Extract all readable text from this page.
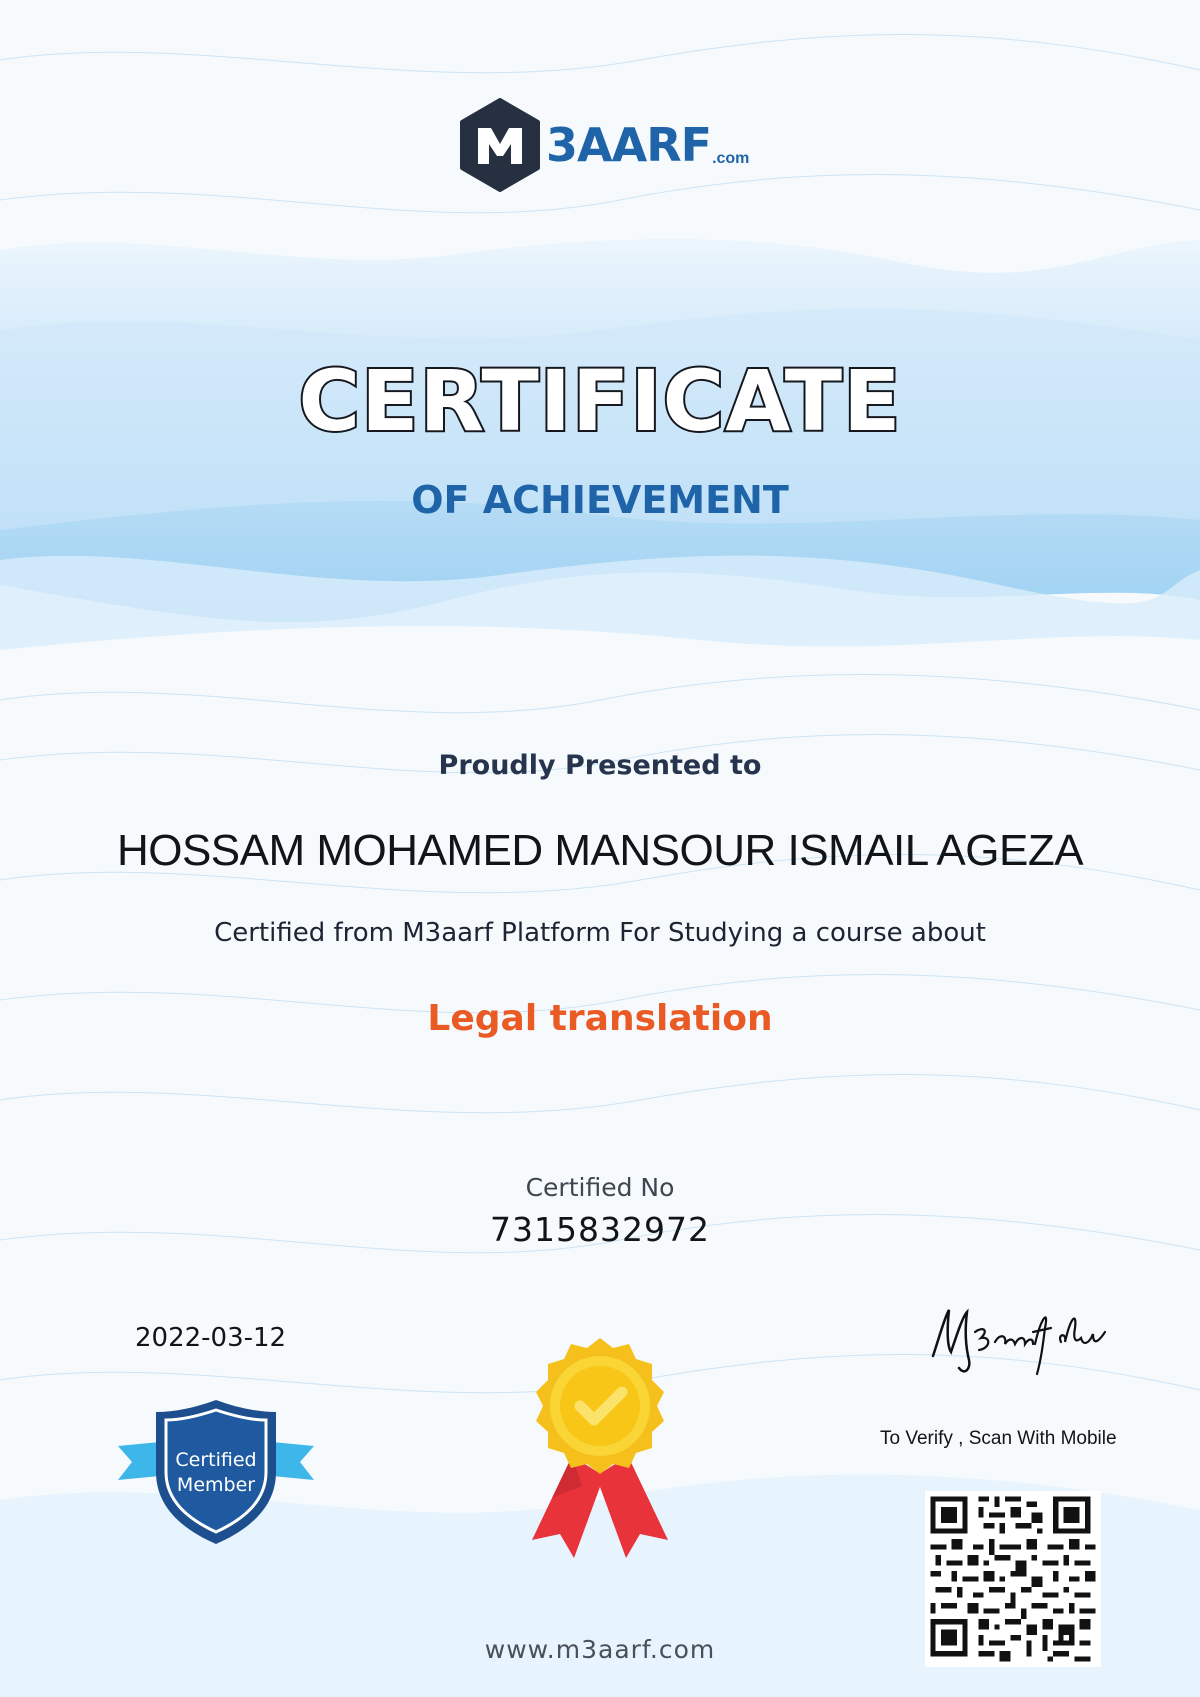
3AARF .com
CERTIFICATE
OF ACHIEVEMENT
Proudly Presented to
HOSSAM MOHAMED MANSOUR ISMAIL AGEZA
Certified from M3aarf Platform For Studying a course about
Legal translation
Certified No
7315832972
2022-03-12
Certified
Member
To Verify , Scan With Mobile
www.m3aarf.com
